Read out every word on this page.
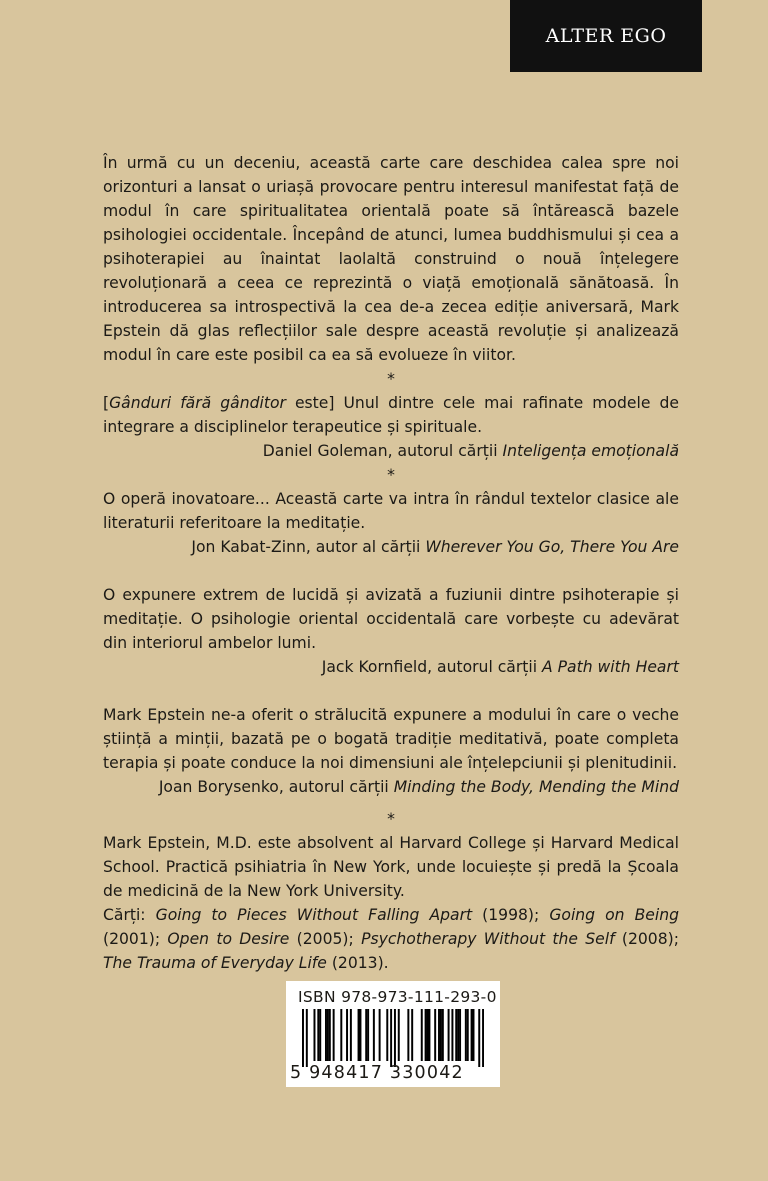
ALTER EGO

În urmă cu un deceniu, această carte care deschidea calea spre noi orizonturi a lansat o uriașă provocare pentru interesul manifestat față de modul în care spiritualitatea orientală poate să întărească bazele psihologiei occidentale. Începând de atunci, lumea buddhismului și cea a psihoterapiei au înaintat laolaltă construind o nouă înțelegere revoluționară a ceea ce reprezintă o viață emoțională sănătoasă. În introducerea sa introspectivă la cea de-a zecea ediție aniversară, Mark Epstein dă glas reflecțiilor sale despre această revoluție și analizează modul în care este posibil ca ea să evolueze în viitor.

*

[Gânduri fără gânditor este] Unul dintre cele mai rafinate modele de integrare a disciplinelor terapeutice și spirituale.

Daniel Goleman, autorul cărții Inteligența emoțională

*

O operă inovatoare... Această carte va intra în rândul textelor clasice ale literaturii referitoare la meditație.

Jon Kabat-Zinn, autor al cărții Wherever You Go, There You Are

O expunere extrem de lucidă și avizată a fuziunii dintre psihoterapie și meditație. O psihologie oriental occidentală care vorbește cu adevărat din interiorul ambelor lumi.

Jack Kornfield, autorul cărții A Path with Heart

Mark Epstein ne-a oferit o strălucită expunere a modului în care o veche știință a minții, bazată pe o bogată tradiție meditativă, poate completa terapia și poate conduce la noi dimensiuni ale înțelepciunii și plenitudinii.

Joan Borysenko, autorul cărții Minding the Body, Mending the Mind

*

Mark Epstein, M.D. este absolvent al Harvard College și Harvard Medical School. Practică psihiatria în New York, unde locuiește și predă la Școala de medicină de la New York University.

Cărți: Going to Pieces Without Falling Apart (1998); Going on Being (2001); Open to Desire (2005); Psychotherapy Without the Self (2008); The Trauma of Everyday Life (2013).

ISBN 978-973-111-293-0
5 948417 330042
